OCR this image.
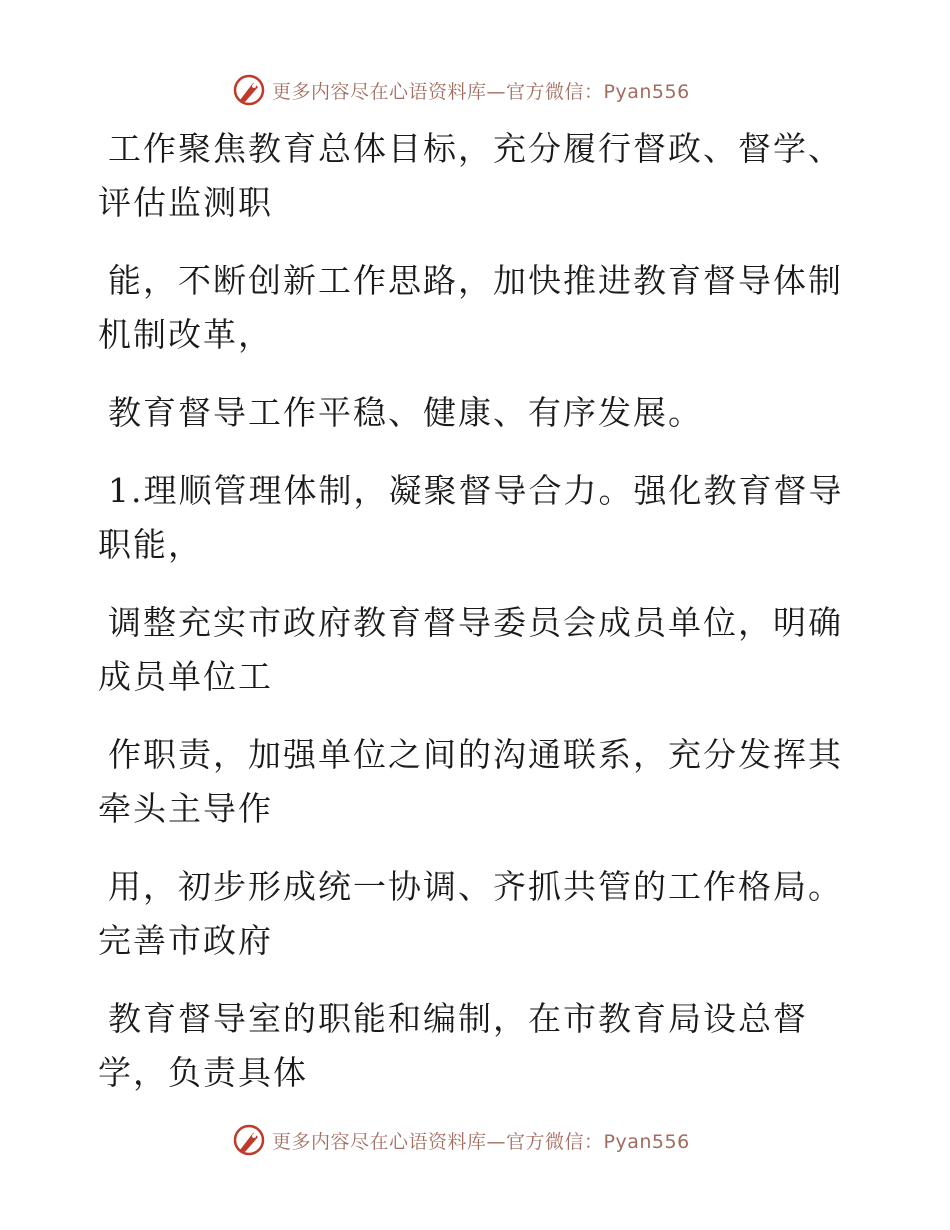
更多内容尽在心语资料库—官方微信：Pyan556

工作聚焦教育总体目标，充分履行督政、督学、
评估监测职

能，不断创新工作思路，加快推进教育督导体制
机制改革，

教育督导工作平稳、健康、有序发展。

1.理顺管理体制，凝聚督导合力。强化教育督导
职能，

调整充实市政府教育督导委员会成员单位，明确
成员单位工

作职责，加强单位之间的沟通联系，充分发挥其
牵头主导作

用，初步形成统一协调、齐抓共管的工作格局。
完善市政府

教育督导室的职能和编制，在市教育局设总督
学，负责具体

更多内容尽在心语资料库—官方微信：Pyan556
